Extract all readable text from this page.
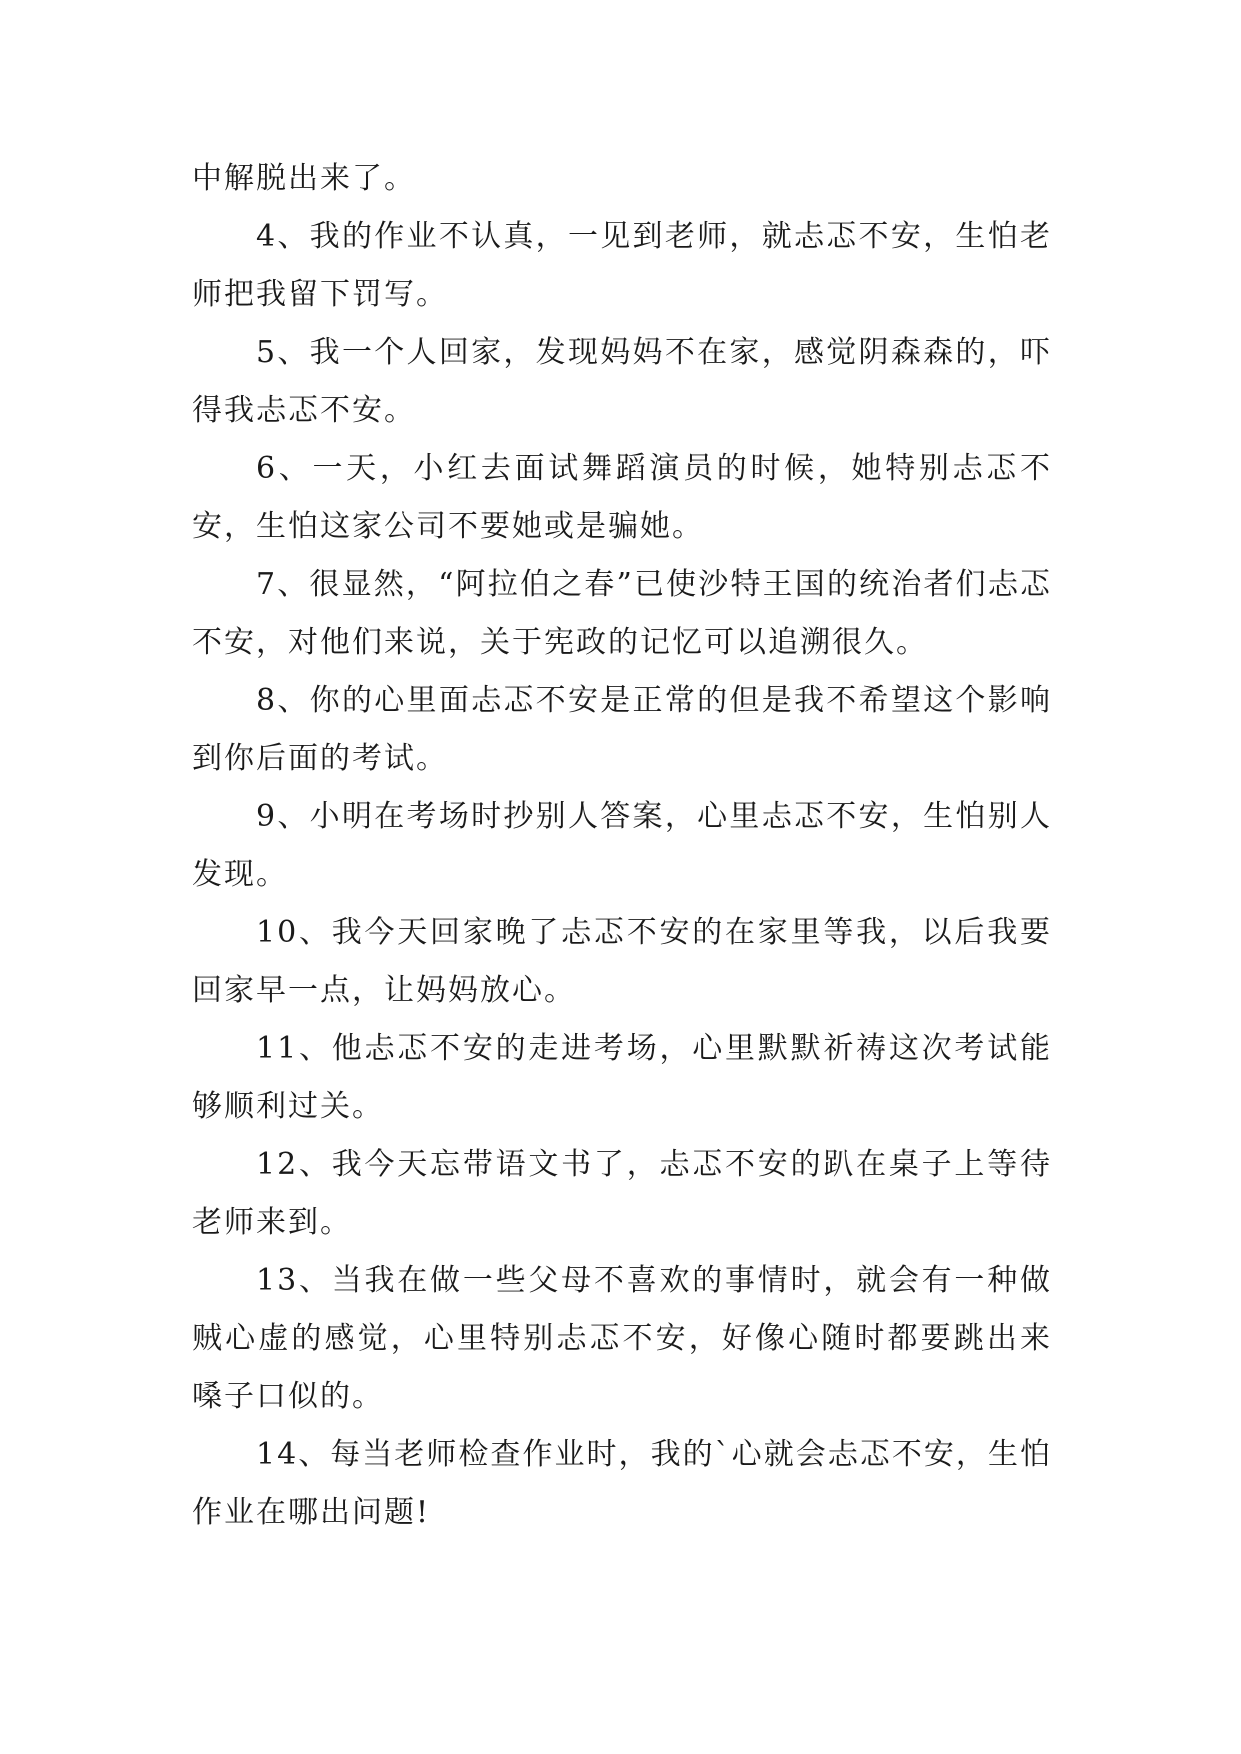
中解脱出来了。

4、我的作业不认真，一见到老师，就忐忑不安，生怕老师把我留下罚写。

5、我一个人回家，发现妈妈不在家，感觉阴森森的，吓得我忐忑不安。

6、一天，小红去面试舞蹈演员的时候，她特别忐忑不安，生怕这家公司不要她或是骗她。

7、很显然，“阿拉伯之春”已使沙特王国的统治者们忐忑不安，对他们来说，关于宪政的记忆可以追溯很久。

8、你的心里面忐忑不安是正常的但是我不希望这个影响到你后面的考试。

9、小明在考场时抄别人答案，心里忐忑不安，生怕别人发现。

10、我今天回家晚了忐忑不安的在家里等我，以后我要回家早一点，让妈妈放心。

11、他忐忑不安的走进考场，心里默默祈祷这次考试能够顺利过关。

12、我今天忘带语文书了，忐忑不安的趴在桌子上等待老师来到。

13、当我在做一些父母不喜欢的事情时，就会有一种做贼心虚的感觉，心里特别忐忑不安，好像心随时都要跳出来嗓子口似的。

14、每当老师检查作业时，我的`心就会忐忑不安，生怕作业在哪出问题!
